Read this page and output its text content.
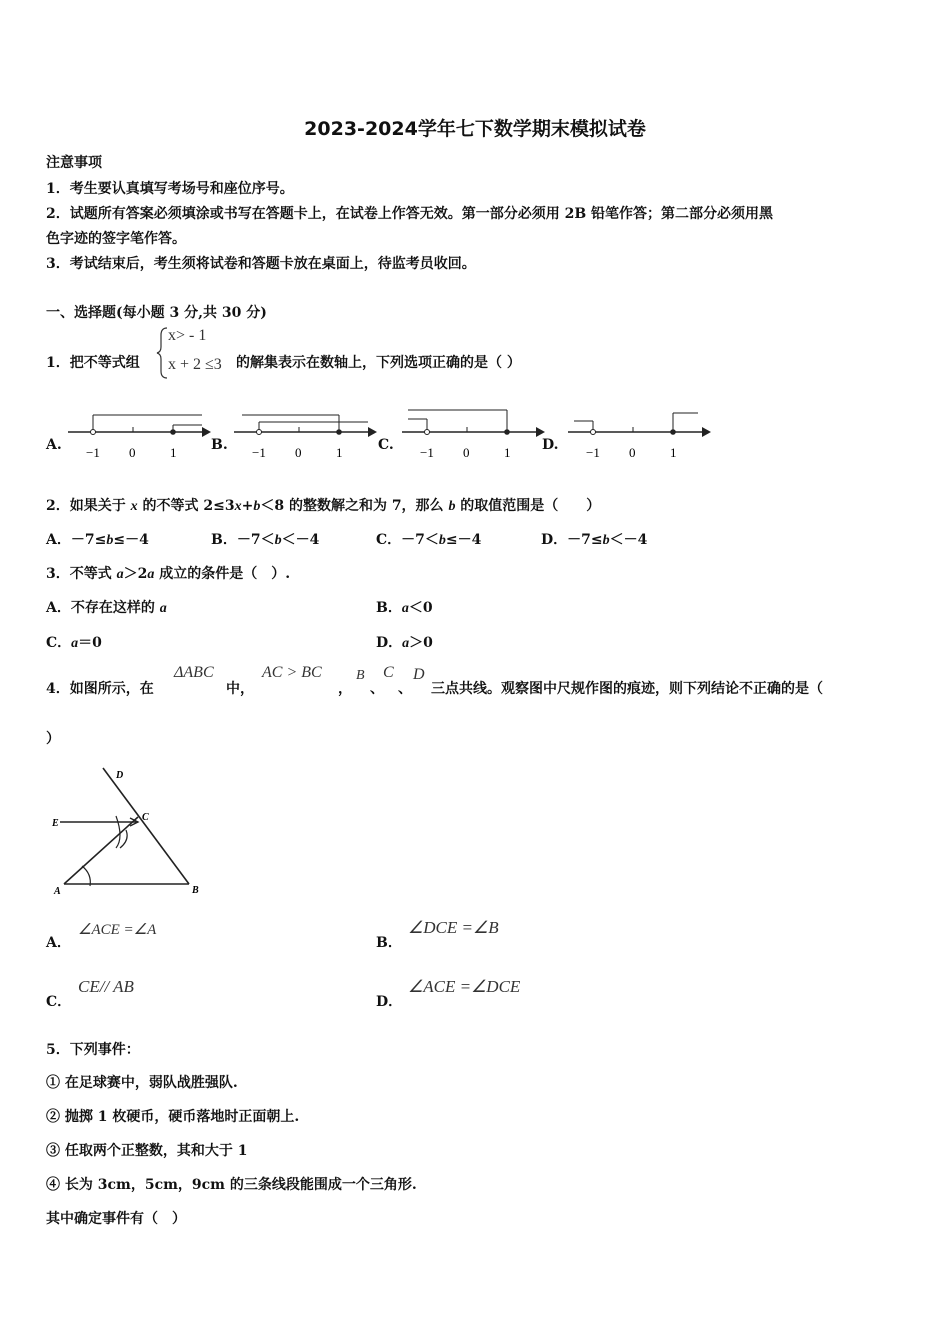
2023-2024学年七下数学期末模拟试卷
注意事项
1．考生要认真填写考场号和座位序号。
2．试题所有答案必须填涂或书写在答题卡上，在试卷上作答无效。第一部分必须用 2B 铅笔作答；第二部分必须用黑
色字迹的签字笔作答。
3．考试结束后，考生须将试卷和答题卡放在桌面上，待监考员收回。
一、选择题(每小题 3 分,共 30 分)
1．把不等式组
x> - 1
x + 2 ≤3 的解集表示在数轴上，下列选项正确的是（ ）
A. −1 0	1 B. −1 0	1	C. −1 0	1 D. −1 0	1
2．如果关于 x 的不等式 2≤3x+b＜8 的整数解之和为 7，那么 b 的取值范围是（　　）
A．－7≤b≤－4	B．－7＜b＜－4	C．－7＜b≤－4	D．－7≤b＜－4
3．不等式 a＞2a 成立的条件是（　）.
A．不存在这样的 a	B．a＜0
C．a＝0	D．a＞0
4．如图所示，在
ΔABC
中，
AC > BC
，
B
、
C
、
D
三点共线。观察图中尺规作图的痕迹，则下列结论不正确的是（
）
D
E
C
A	B
A．
∠ACE =∠A
B．
∠DCE =∠B
C．
CE// AB
D．
∠ACE =∠DCE
5．下列事件：
① 在足球赛中，弱队战胜强队.
② 抛掷 1 枚硬币，硬币落地时正面朝上.
③ 任取两个正整数，其和大于 1
④ 长为 3cm，5cm，9cm 的三条线段能围成一个三角形.
其中确定事件有（　）
